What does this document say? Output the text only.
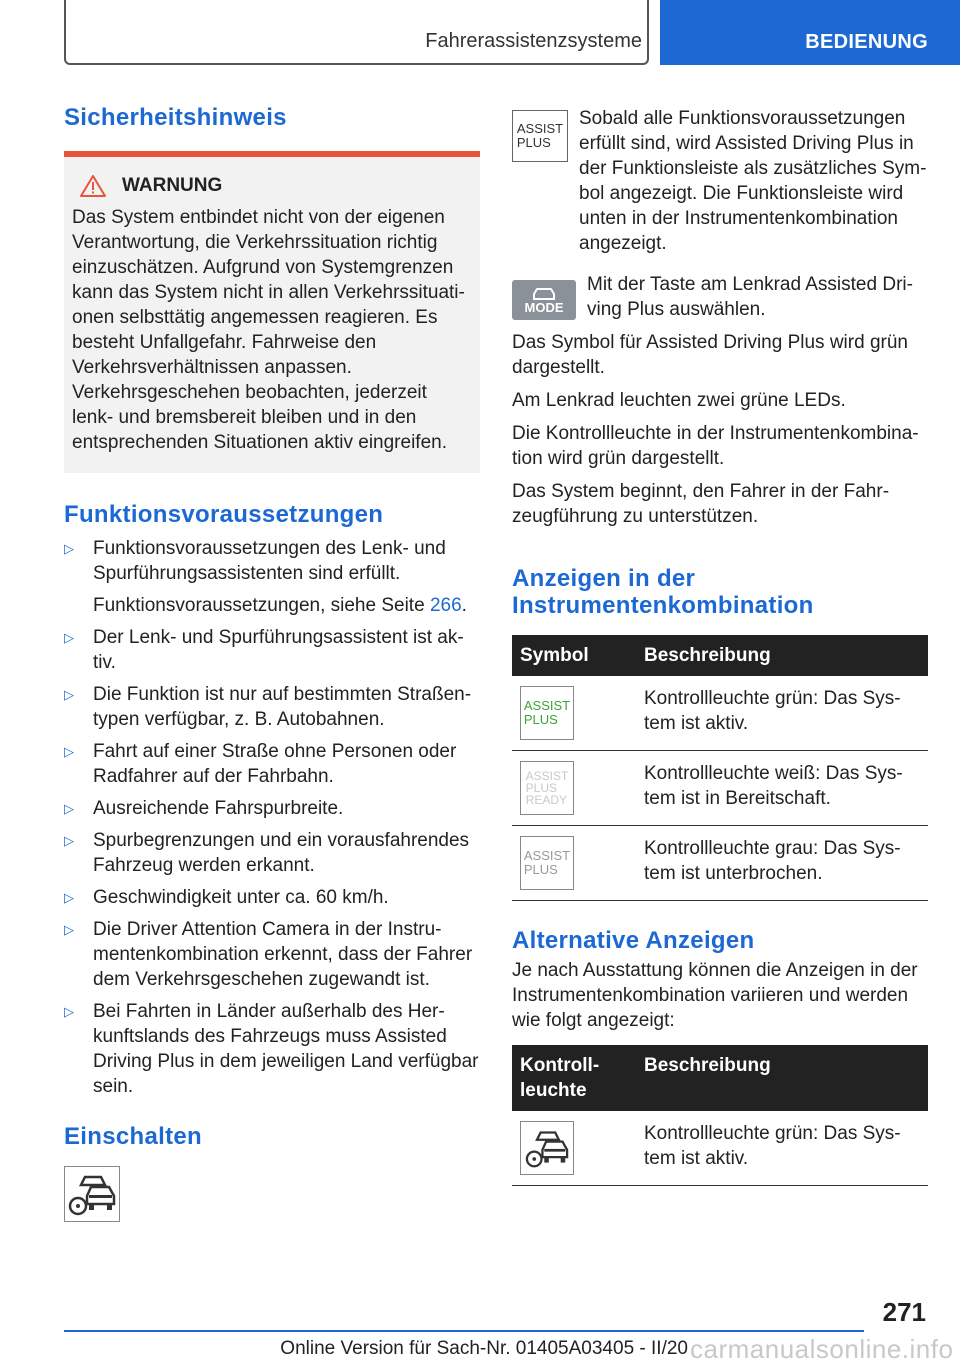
Fahrerassistenzsysteme	BEDIENUNG
Sicherheitshinweis
WARNUNG

Das System entbindet nicht von der eigenen Verantwortung, die Verkehrssituation richtig einzuschätzen. Aufgrund von Systemgrenzen kann das System nicht in allen Verkehrssituationen selbsttätig angemessen reagieren. Es besteht Unfallgefahr. Fahrweise den Verkehrsverhältnissen anpassen. Verkehrsgeschehen beobachten, jederzeit lenk- und bremsbereit bleiben und in den entsprechenden Situationen aktiv eingreifen.

Funktionsvoraussetzungen
▷ Funktionsvoraussetzungen des Lenk- und Spurführungsassistenten sind erfüllt.

Funktionsvoraussetzungen, siehe Seite 266.

▷ Der Lenk- und Spurführungsassistent ist aktiv.
▷ Die Funktion ist nur auf bestimmten Straßentypen verfügbar, z. B. Autobahnen.
▷ Fahrt auf einer Straße ohne Personen oder Radfahrer auf der Fahrbahn.
▷ Ausreichende Fahrspurbreite.
▷ Spurbegrenzungen und ein vorausfahrendes Fahrzeug werden erkannt.
▷ Geschwindigkeit unter ca. 60 km/h.
▷ Die Driver Attention Camera in der Instrumentenkombination erkennt, dass der Fahrer dem Verkehrsgeschehen zugewandt ist.
▷ Bei Fahrten in Länder außerhalb des Herkunftslands des Fahrzeugs muss Assisted Driving Plus in dem jeweiligen Land verfügbar sein.
Einschalten
ASSIST
PLUS

Sobald alle Funktionsvoraussetzungen erfüllt sind, wird Assisted Driving Plus in der Funktionsleiste als zusätzliches Symbol angezeigt. Die Funktionsleiste wird unten in der Instrumentenkombination angezeigt.

MODE

Mit der Taste am Lenkrad Assisted Driving Plus auswählen.

Das Symbol für Assisted Driving Plus wird grün dargestellt.

Am Lenkrad leuchten zwei grüne LEDs.

Die Kontrollleuchte in der Instrumentenkombination wird grün dargestellt.

Das System beginnt, den Fahrer in der Fahrzeugführung zu unterstützen.

Anzeigen in der Instrumentenkombination
Symbol	Beschreibung

ASSIST
PLUS	Kontrollleuchte grün: Das System ist aktiv.

ASSIST
PLUS
READY	Kontrollleuchte weiß: Das System ist in Bereitschaft.

ASSIST
PLUS	Kontrollleuchte grau: Das System ist unterbrochen.
Alternative Anzeigen

Je nach Ausstattung können die Anzeigen in der Instrumentenkombination variieren und werden wie folgt angezeigt:

Kontrollleuchte	Beschreibung

	Kontrollleuchte grün: Das System ist aktiv.
271
Online Version für Sach-Nr. 01405A03405 - II/20 carmanualsonline.info
